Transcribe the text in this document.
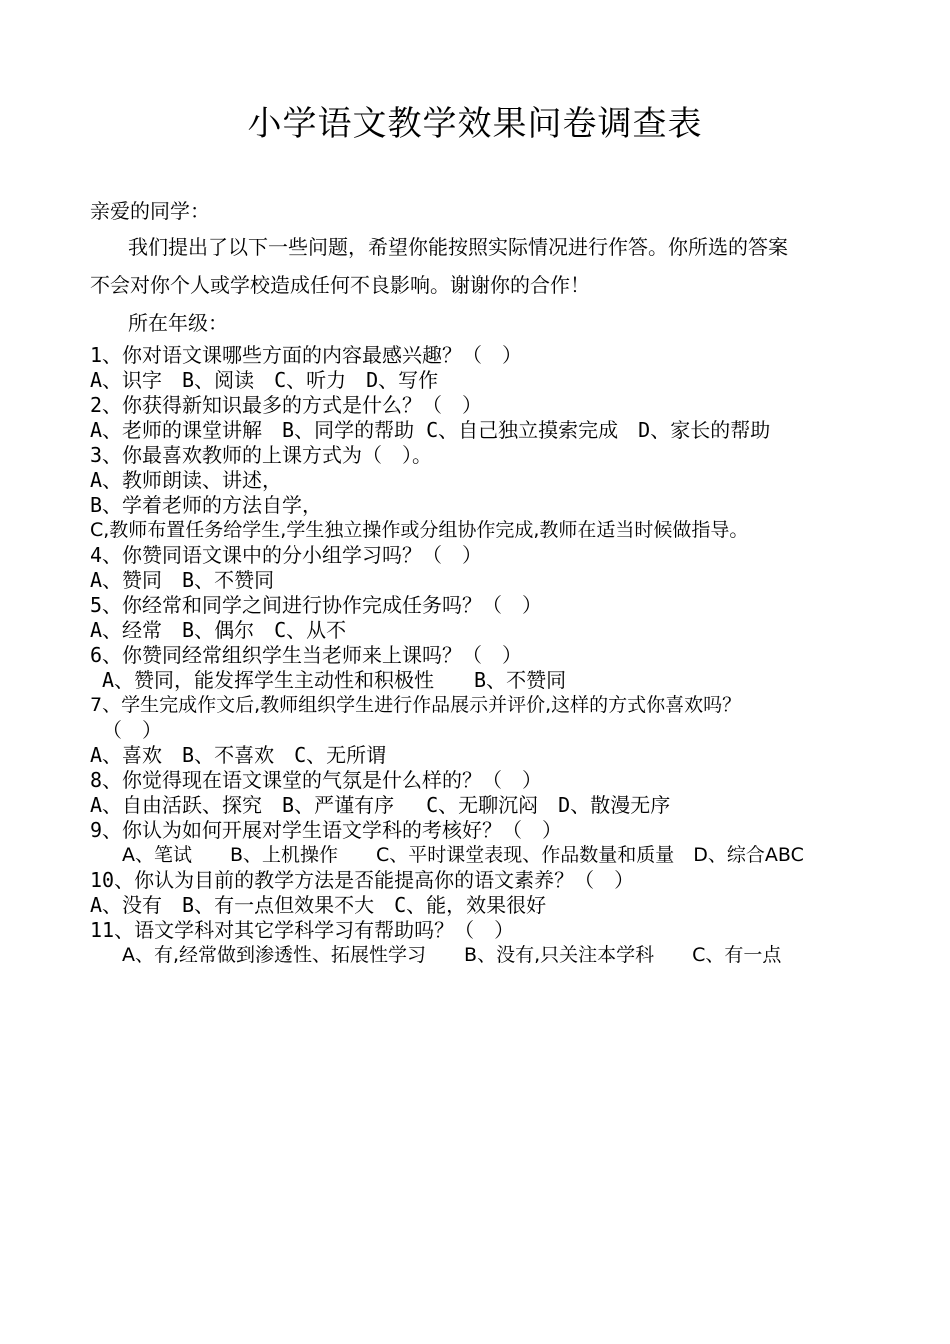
小学语文教学效果问卷调查表
亲爱的同学：
我们提出了以下一些问题，希望你能按照实际情况进行作答。你所选的答案
不会对你个人或学校造成任何不良影响。谢谢你的合作！
所在年级：
1、你对语文课哪些方面的内容最感兴趣？（　）
A、识字　B、阅读　C、听力　D、写作
2、你获得新知识最多的方式是什么？（　）
A、老师的课堂讲解　B、同学的帮助 C、自己独立摸索完成　D、家长的帮助
3、你最喜欢教师的上课方式为（　）。
A、教师朗读、讲述，
B、学着老师的方法自学，
C,教师布置任务给学生,学生独立操作或分组协作完成,教师在适当时候做指导。
4、你赞同语文课中的分小组学习吗？（　）
A、赞同　B、不赞同
5、你经常和同学之间进行协作完成任务吗？（　）
A、经常　B、偶尔　C、从不
6、你赞同经常组织学生当老师来上课吗？（　）
A、赞同，能发挥学生主动性和积极性　　B、不赞同
7、学生完成作文后,教师组织学生进行作品展示并评价,这样的方式你喜欢吗？
（　）
A、喜欢　B、不喜欢　C、无所谓
8、你觉得现在语文课堂的气氛是什么样的？（　）
A、自由活跃、探究　B、严谨有序　 C、无聊沉闷　D、散漫无序
9、你认为如何开展对学生语文学科的考核好？（　）
A、笔试　　B、上机操作　　C、平时课堂表现、作品数量和质量　D、综合ABC
10、你认为目前的教学方法是否能提高你的语文素养？（　）
A、没有　B、有一点但效果不大　C、能，效果很好
11、语文学科对其它学科学习有帮助吗？（　）
A、有,经常做到渗透性、拓展性学习　　B、没有,只关注本学科　　C、有一点
